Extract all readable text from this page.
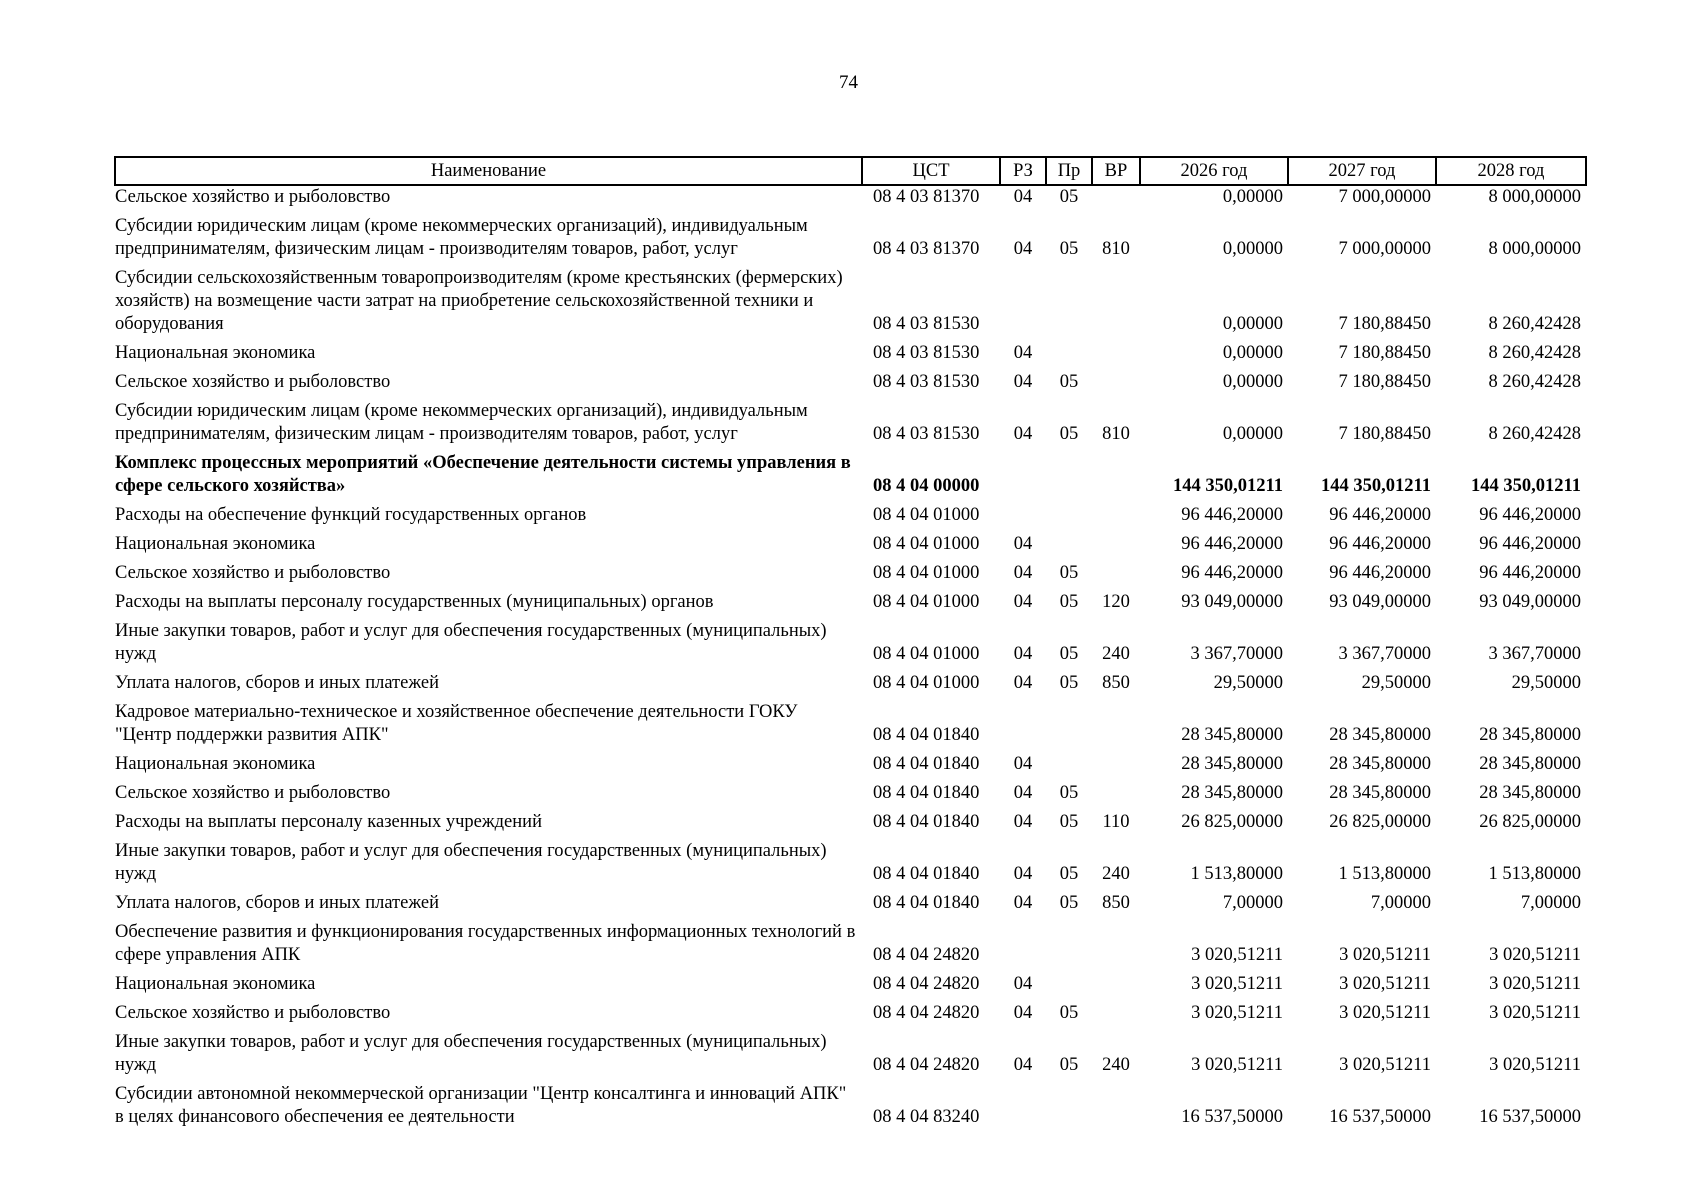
74
Наименование	ЦСТ	РЗ	Пр	ВР	2026 год	2027 год	2028 год
Сельское хозяйство и рыболовство	08 4 03 81370	04	05		0,00000	7 000,00000	8 000,00000
Субсидии юридическим лицам (кроме некоммерческих организаций), индивидуальным предпринимателям, физическим лицам - производителям товаров, работ, услуг	08 4 03 81370	04	05	810	0,00000	7 000,00000	8 000,00000
Субсидии сельскохозяйственным товаропроизводителям (кроме крестьянских (фермерских) хозяйств) на возмещение части затрат на приобретение сельскохозяйственной техники и оборудования	08 4 03 81530				0,00000	7 180,88450	8 260,42428
Национальная экономика	08 4 03 81530	04			0,00000	7 180,88450	8 260,42428
Сельское хозяйство и рыболовство	08 4 03 81530	04	05		0,00000	7 180,88450	8 260,42428
Субсидии юридическим лицам (кроме некоммерческих организаций), индивидуальным предпринимателям, физическим лицам - производителям товаров, работ, услуг	08 4 03 81530	04	05	810	0,00000	7 180,88450	8 260,42428
Комплекс процессных мероприятий «Обеспечение деятельности системы управления в сфере сельского хозяйства»	08 4 04 00000				144 350,01211	144 350,01211	144 350,01211
Расходы на обеспечение функций государственных органов	08 4 04 01000				96 446,20000	96 446,20000	96 446,20000
Национальная экономика	08 4 04 01000	04			96 446,20000	96 446,20000	96 446,20000
Сельское хозяйство и рыболовство	08 4 04 01000	04	05		96 446,20000	96 446,20000	96 446,20000
Расходы на выплаты персоналу государственных (муниципальных) органов	08 4 04 01000	04	05	120	93 049,00000	93 049,00000	93 049,00000
Иные закупки товаров, работ и услуг для обеспечения государственных (муниципальных) нужд	08 4 04 01000	04	05	240	3 367,70000	3 367,70000	3 367,70000
Уплата налогов, сборов и иных платежей	08 4 04 01000	04	05	850	29,50000	29,50000	29,50000
Кадровое материально-техническое и хозяйственное обеспечение деятельности ГОКУ "Центр поддержки развития АПК"	08 4 04 01840				28 345,80000	28 345,80000	28 345,80000
Национальная экономика	08 4 04 01840	04			28 345,80000	28 345,80000	28 345,80000
Сельское хозяйство и рыболовство	08 4 04 01840	04	05		28 345,80000	28 345,80000	28 345,80000
Расходы на выплаты персоналу казенных учреждений	08 4 04 01840	04	05	110	26 825,00000	26 825,00000	26 825,00000
Иные закупки товаров, работ и услуг для обеспечения государственных (муниципальных) нужд	08 4 04 01840	04	05	240	1 513,80000	1 513,80000	1 513,80000
Уплата налогов, сборов и иных платежей	08 4 04 01840	04	05	850	7,00000	7,00000	7,00000
Обеспечение развития и функционирования государственных информационных технологий в сфере управления АПК	08 4 04 24820				3 020,51211	3 020,51211	3 020,51211
Национальная экономика	08 4 04 24820	04			3 020,51211	3 020,51211	3 020,51211
Сельское хозяйство и рыболовство	08 4 04 24820	04	05		3 020,51211	3 020,51211	3 020,51211
Иные закупки товаров, работ и услуг для обеспечения государственных (муниципальных) нужд	08 4 04 24820	04	05	240	3 020,51211	3 020,51211	3 020,51211
Субсидии автономной некоммерческой организации "Центр консалтинга и инноваций АПК" в целях финансового обеспечения ее деятельности	08 4 04 83240				16 537,50000	16 537,50000	16 537,50000
